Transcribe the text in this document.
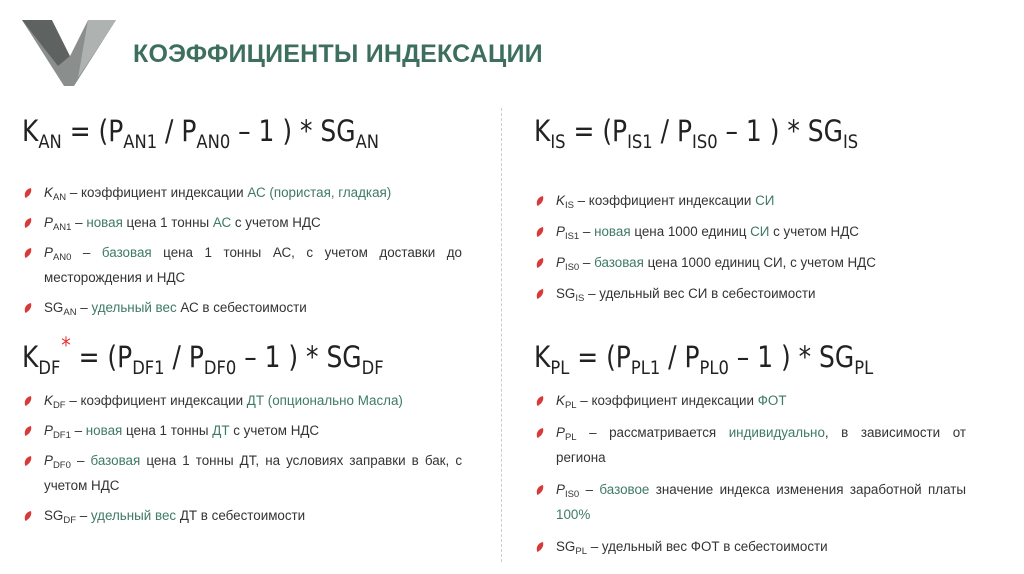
КОЭФФИЦИЕНТЫ ИНДЕКСАЦИИ
$K_{AN} = (P_{AN1} / P_{AN0} - 1$ ) * $SG_{AN}$
$K_{AN}$ – коэффициент индексации АС (пористая, гладкая)
$P_{AN1}$ – новая цена 1 тонны АС с учетом НДС
$P_{AN0}$ – базовая цена 1 тонны АС, с учетом доставки до месторождения и НДС
$SG_{AN}$ – удельный вес АС в себестоимости
$K_{IS} = (P_{IS1} / P_{IS0} - 1$ ) * $SG_{IS}$
$K_{IS}$ – коэффициент индексации СИ
$P_{IS1}$ – новая цена 1000 единиц СИ с учетом НДС
$P_{IS0}$ – базовая цена 1000 единиц СИ, с учетом НДС
$SG_{IS}$ – удельный вес СИ в себестоимости
$K_{DF}^* = (P_{DF1} / P_{DF0} - 1$ ) * $SG_{DF}$
$K_{DF}$ – коэффициент индексации ДТ (опционально Масла)
$P_{DF1}$ – новая цена 1 тонны ДТ с учетом НДС
$P_{DF0}$ – базовая цена 1 тонны ДТ, на условиях заправки в бак, с учетом НДС
$SG_{DF}$ – удельный вес ДТ в себестоимости
$K_{PL} = (P_{PL1} / P_{PL0} - 1$ ) * $SG_{PL}$
$K_{PL}$ – коэффициент индексации ФОТ
$P_{PL}$ – рассматривается индивидуально, в зависимости от региона
$P_{IS0}$ – базовое значение индекса изменения заработной платы 100%
$SG_{PL}$ – удельный вес ФОТ в себестоимости
